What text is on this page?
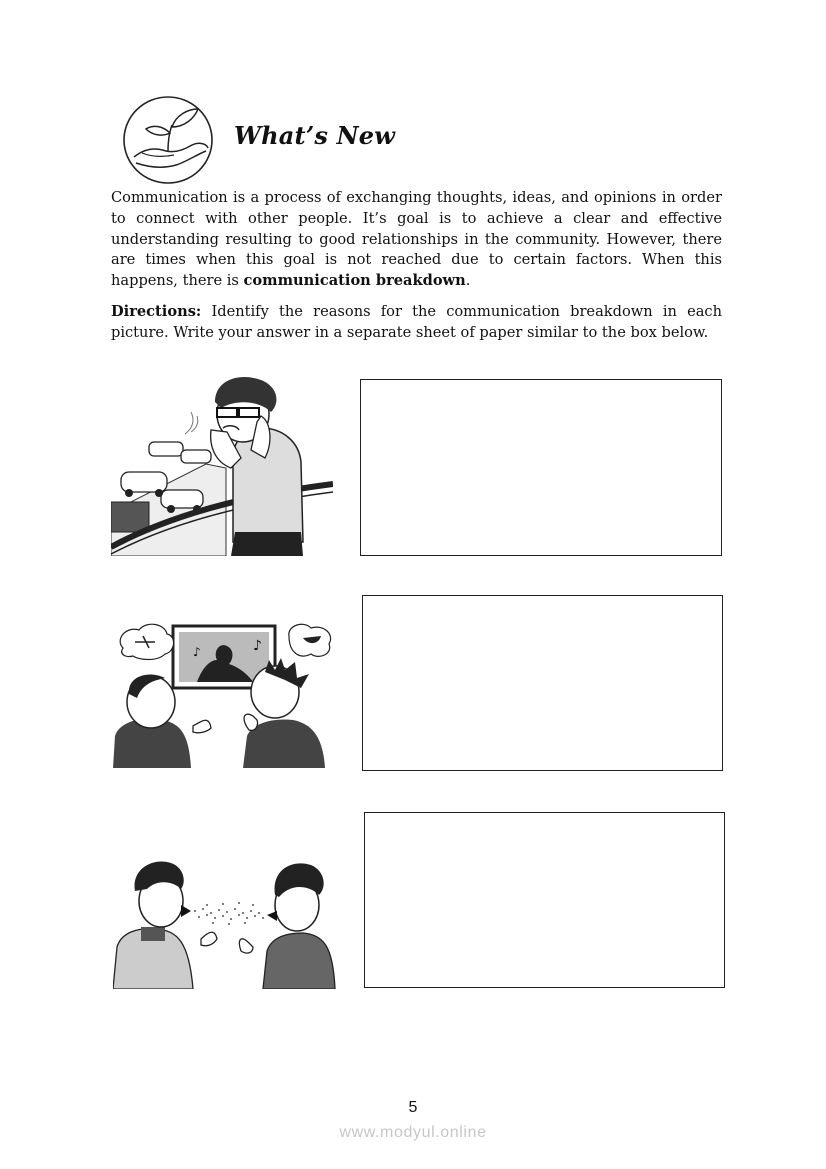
What’s New

Communication is a process of exchanging thoughts, ideas, and opinions in order to connect with other people. It’s goal is to achieve a clear and effective understanding resulting to good relationships in the community. However, there are times when this goal is not reached due to certain factors. When this happens, there is communication breakdown.

Directions: Identify the reasons for the communication breakdown in each picture. Write your answer in a separate sheet of paper similar to the box below.

♪
♪
5
www.modyul.online
